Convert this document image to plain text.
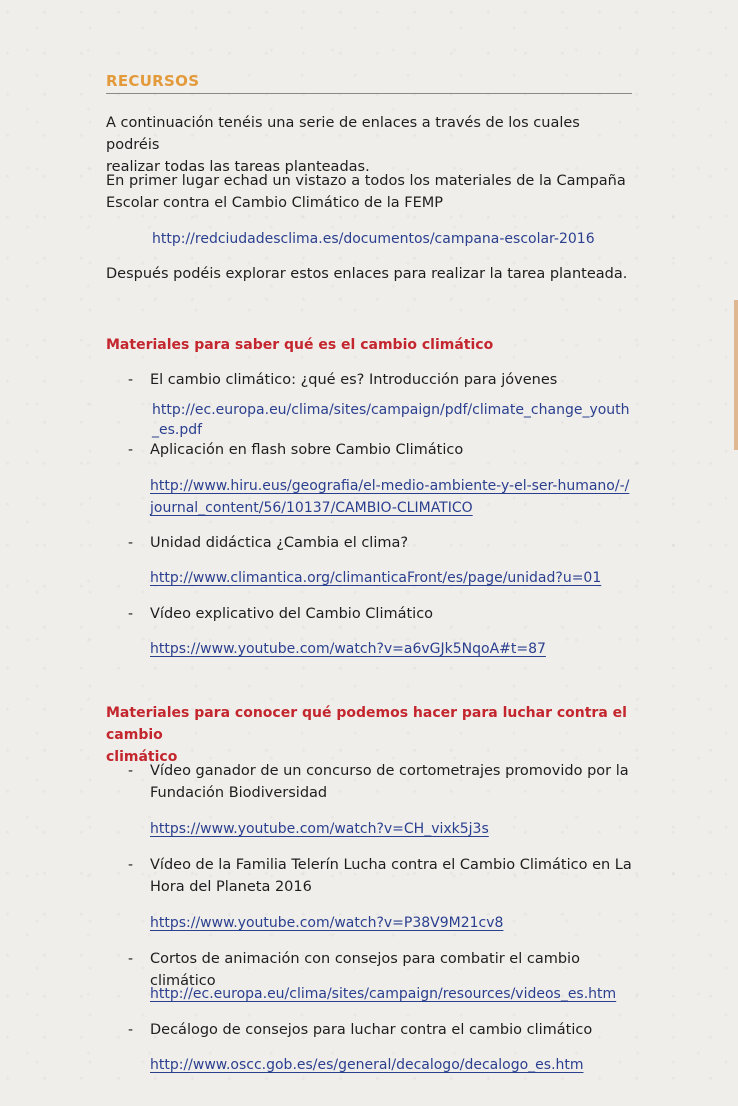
RECURSOS
A continuación tenéis una serie de enlaces a través de los cuales podréis
realizar todas las tareas planteadas.
En primer lugar echad un vistazo a todos los materiales de la Campaña
Escolar contra el Cambio Climático de la FEMP
http://redciudadesclima.es/documentos/campana-escolar-2016
Después podéis explorar estos enlaces para realizar la tarea planteada.
Materiales para saber qué es el cambio climático
- El cambio climático: ¿qué es? Introducción para jóvenes
http://ec.europa.eu/clima/sites/campaign/pdf/climate_change_youth
_es.pdf
- Aplicación en flash sobre Cambio Climático
http://www.hiru.eus/geografia/el-medio-ambiente-y-el-ser-humano/-/
journal_content/56/10137/CAMBIO-CLIMATICO
- Unidad didáctica ¿Cambia el clima?
http://www.climantica.org/climanticaFront/es/page/unidad?u=01
- Vídeo explicativo del Cambio Climático
https://www.youtube.com/watch?v=a6vGJk5NqoA#t=87
Materiales para conocer qué podemos hacer para luchar contra el cambio
climático
- Vídeo ganador de un concurso de cortometrajes promovido por la
Fundación Biodiversidad
https://www.youtube.com/watch?v=CH_vixk5j3s
- Vídeo de la Familia Telerín Lucha contra el Cambio Climático en La
Hora del Planeta 2016
https://www.youtube.com/watch?v=P38V9M21cv8
- Cortos de animación con consejos para combatir el cambio climático
http://ec.europa.eu/clima/sites/campaign/resources/videos_es.htm
- Decálogo de consejos para luchar contra el cambio climático
http://www.oscc.gob.es/es/general/decalogo/decalogo_es.htm
